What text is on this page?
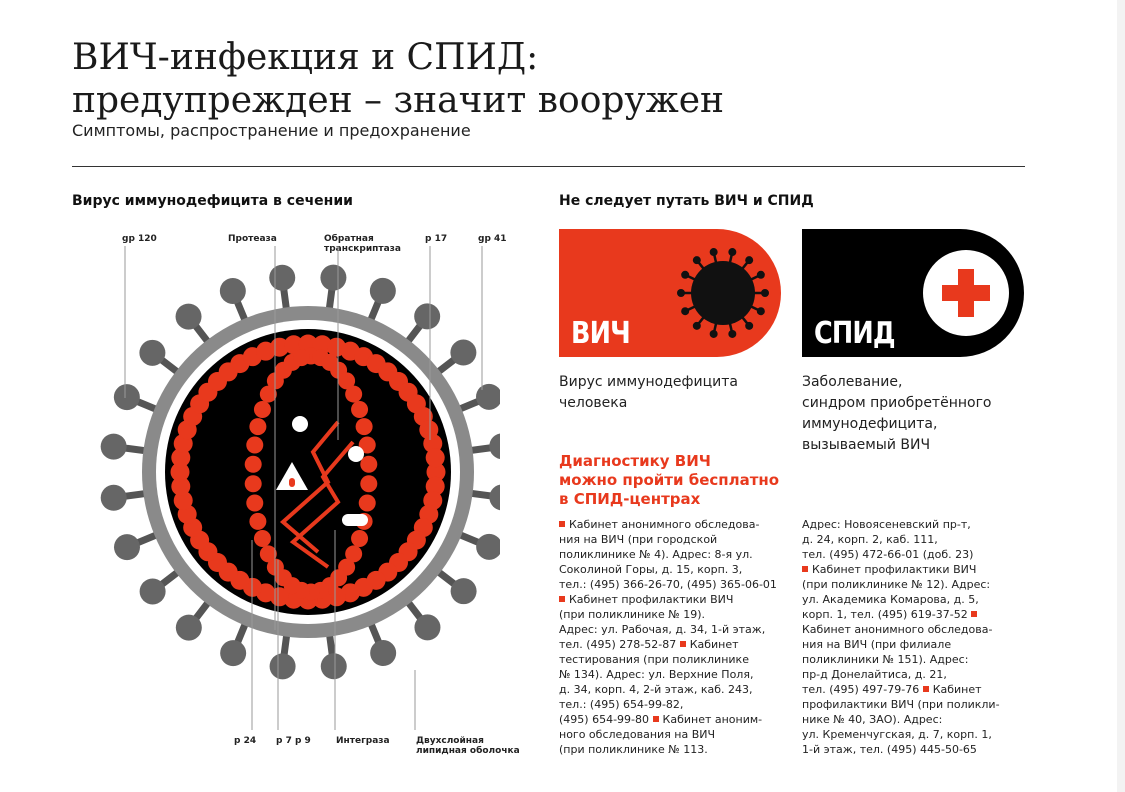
ВИЧ-инфекция и СПИД:
предупрежден – значит вооружен
Симптомы, распространение и предохранение
Вирус иммунодефицита в сечении
gp 120	Протеаза	Обратная
транскриптаза
p 17	gp 41
p 24 p 7 p 9	Интегразa	Двухслойная
липидная оболочка
Не следует путать ВИЧ и СПИД
ВИЧ
Вирус иммунодефицита
человека
СПИД
Заболевание,
синдром приобретённого
иммунодефицита,
вызываемый ВИЧ
Диагностику ВИЧ
можно пройти бесплатно
в СПИД-центрах

Кабинет анонимного обследова-

ния на ВИЧ (при городской

поликлинике № 4). Адрес: 8-я ул.

Соколиной Горы, д. 15, корп. 3,

тел.: (495) 366-26-70, (495) 365-06-01

Кабинет профилактики ВИЧ

(при поликлинике № 19).

Адрес: ул. Рабочая, д. 34, 1-й этаж,

тел. (495) 278-52-87 Кабинет

тестирования (при поликлинике

№ 134). Адрес: ул. Верхние Поля,

д. 34, корп. 4, 2-й этаж, каб. 243,

тел.: (495) 654-99-82,

(495) 654-99-80 Кабинет аноним-

ного обследования на ВИЧ

(при поликлинике № 113.

Адрес: Новоясеневский пр-т,

д. 24, корп. 2, каб. 111,

тел. (495) 472-66-01 (доб. 23)

Кабинет профилактики ВИЧ

(при поликлинике № 12). Адрес:

ул. Академика Комарова, д. 5,

корп. 1, тел. (495) 619-37-52

Кабинет анонимного обследова-

ния на ВИЧ (при филиале

поликлиники № 151). Адрес:

пр-д Донелайтиса, д. 21,

тел. (495) 497-79-76 Кабинет

профилактики ВИЧ (при поликли-

нике № 40, ЗАО). Адрес:

ул. Кременчугская, д. 7, корп. 1,

1-й этаж, тел. (495) 445-50-65
